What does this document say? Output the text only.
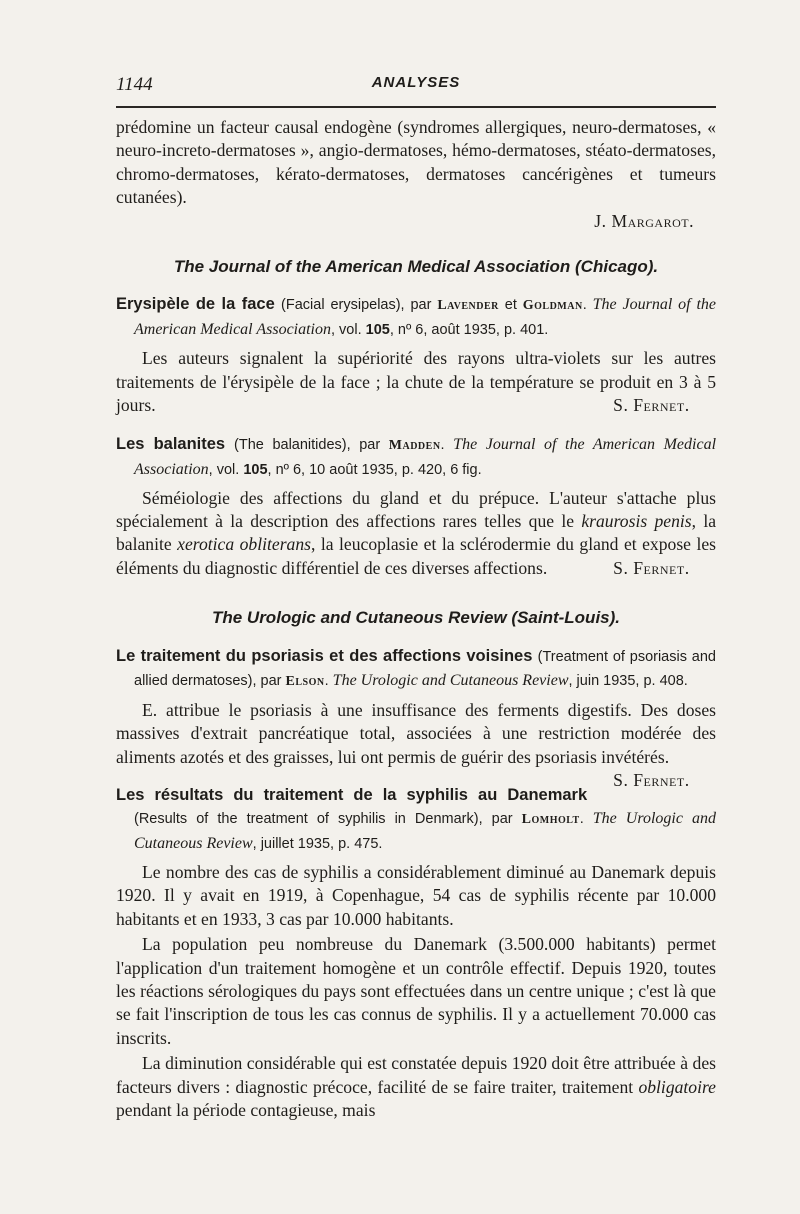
1144	ANALYSES

prédomine un facteur causal endogène (syndromes allergiques, neuro-dermatoses, « neuro-increto-dermatoses », angio-dermatoses, hémo-dermatoses, stéato-dermatoses, chromo-dermatoses, kérato-dermatoses, dermatoses cancérigènes et tumeurs cutanées).

J. Margarot.

The Journal of the American Medical Association (Chicago).

Erysipèle de la face (Facial erysipelas), par Lavender et Goldman. The Journal of the American Medical Association, vol. 105, nº 6, août 1935, p. 401.

Les auteurs signalent la supériorité des rayons ultra-violets sur les autres traitements de l'érysipèle de la face ; la chute de la température se produit en 3 à 5 jours.	S. Fernet.

Les balanites (The balanitides), par Madden. The Journal of the American Medical Association, vol. 105, nº 6, 10 août 1935, p. 420, 6 fig.

Séméiologie des affections du gland et du prépuce. L'auteur s'attache plus spécialement à la description des affections rares telles que le kraurosis penis, la balanite xerotica obliterans, la leucoplasie et la sclérodermie du gland et expose les éléments du diagnostic différentiel de ces diverses affections.	S. Fernet.

The Urologic and Cutaneous Review (Saint-Louis).

Le traitement du psoriasis et des affections voisines (Treatment of psoriasis and allied dermatoses), par Elson. The Urologic and Cutaneous Review, juin 1935, p. 408.

E. attribue le psoriasis à une insuffisance des ferments digestifs. Des doses massives d'extrait pancréatique total, associées à une restriction modérée des aliments azotés et des graisses, lui ont permis de guérir des psoriasis invétérés.
S. Fernet.

Les résultats du traitement de la syphilis au Danemark (Results of the treatment of syphilis in Denmark), par Lomholt. The Urologic and Cutaneous Review, juillet 1935, p. 475.

Le nombre des cas de syphilis a considérablement diminué au Danemark depuis 1920. Il y avait en 1919, à Copenhague, 54 cas de syphilis récente par 10.000 habitants et en 1933, 3 cas par 10.000 habitants.

La population peu nombreuse du Danemark (3.500.000 habitants) permet l'application d'un traitement homogène et un contrôle effectif. Depuis 1920, toutes les réactions sérologiques du pays sont effectuées dans un centre unique ; c'est là que se fait l'inscription de tous les cas connus de syphilis. Il y a actuellement 70.000 cas inscrits.

La diminution considérable qui est constatée depuis 1920 doit être attribuée à des facteurs divers : diagnostic précoce, facilité de se faire traiter, traitement obligatoire pendant la période contagieuse, mais
